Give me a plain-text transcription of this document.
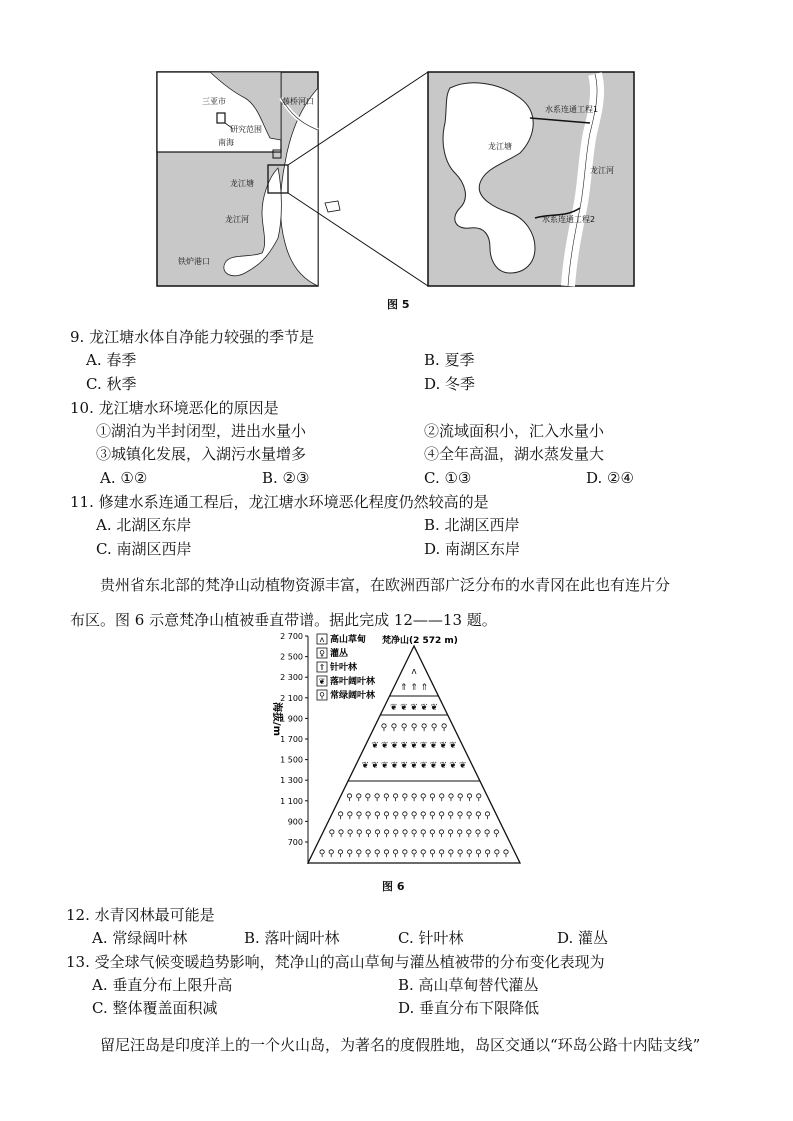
三亚市
研究范围
南海
藤桥河口
龙江塘
龙江河
铁炉港口
龙江塘
龙江河
水系连通工程1
水系连通工程2
图 5
9. 龙江塘水体自净能力较强的季节是
A. 春季	B. 夏季
C. 秋季	D. 冬季
10. 龙江塘水环境恶化的原因是
①湖泊为半封闭型，进出水量小	②流域面积小，汇入水量小
③城镇化发展，入湖污水量增多	④全年高温，湖水蒸发量大
A. ①②	B. ②③	C. ①③	D. ②④
11. 修建水系连通工程后，龙江塘水环境恶化程度仍然较高的是
A. 北湖区东岸	B. 北湖区西岸
C. 南湖区西岸	D. 南湖区东岸
贵州省东北部的梵净山动植物资源丰富，在欧洲西部广泛分布的水青冈在此也有连片分
布区。图 6 示意梵净山植被垂直带谱。据此完成 12——13 题。
2 700
2 500
2 300
2 100
1 900
1 700
1 500
1 300
1 100
900
700
海拔/m
ᴧ 高山草甸
♀ 灌丛
⇑ 针叶林
❦ 落叶阔叶林
⚲ 常绿阔叶林
梵净山(2 572 m)
ᴧ
⇑ ⇑ ⇑
❦ ❦ ❦ ❦ ❦
⚲ ⚲ ⚲ ⚲ ⚲ ⚲ ⚲
❦ ❦ ❦ ❦ ❦ ❦ ❦ ❦ ❦
❦ ❦ ❦ ❦ ❦ ❦ ❦ ❦ ❦ ❦ ❦
⚲ ⚲ ⚲ ⚲ ⚲ ⚲ ⚲ ⚲ ⚲ ⚲ ⚲ ⚲ ⚲ ⚲ ⚲
⚲ ⚲ ⚲ ⚲ ⚲ ⚲ ⚲ ⚲ ⚲ ⚲ ⚲ ⚲ ⚲ ⚲ ⚲ ⚲ ⚲
⚲ ⚲ ⚲ ⚲ ⚲ ⚲ ⚲ ⚲ ⚲ ⚲ ⚲ ⚲ ⚲ ⚲ ⚲ ⚲ ⚲ ⚲ ⚲
⚲ ⚲ ⚲ ⚲ ⚲ ⚲ ⚲ ⚲ ⚲ ⚲ ⚲ ⚲ ⚲ ⚲ ⚲ ⚲ ⚲ ⚲ ⚲ ⚲ ⚲
图 6
12. 水青冈林最可能是
A. 常绿阔叶林	B. 落叶阔叶林	C. 针叶林	D. 灌丛
13. 受全球气候变暖趋势影响，梵净山的高山草甸与灌丛植被带的分布变化表现为
A. 垂直分布上限升高	B. 高山草甸替代灌丛
C. 整体覆盖面积减	D. 垂直分布下限降低
留尼汪岛是印度洋上的一个火山岛，为著名的度假胜地，岛区交通以“环岛公路十内陆支线”
